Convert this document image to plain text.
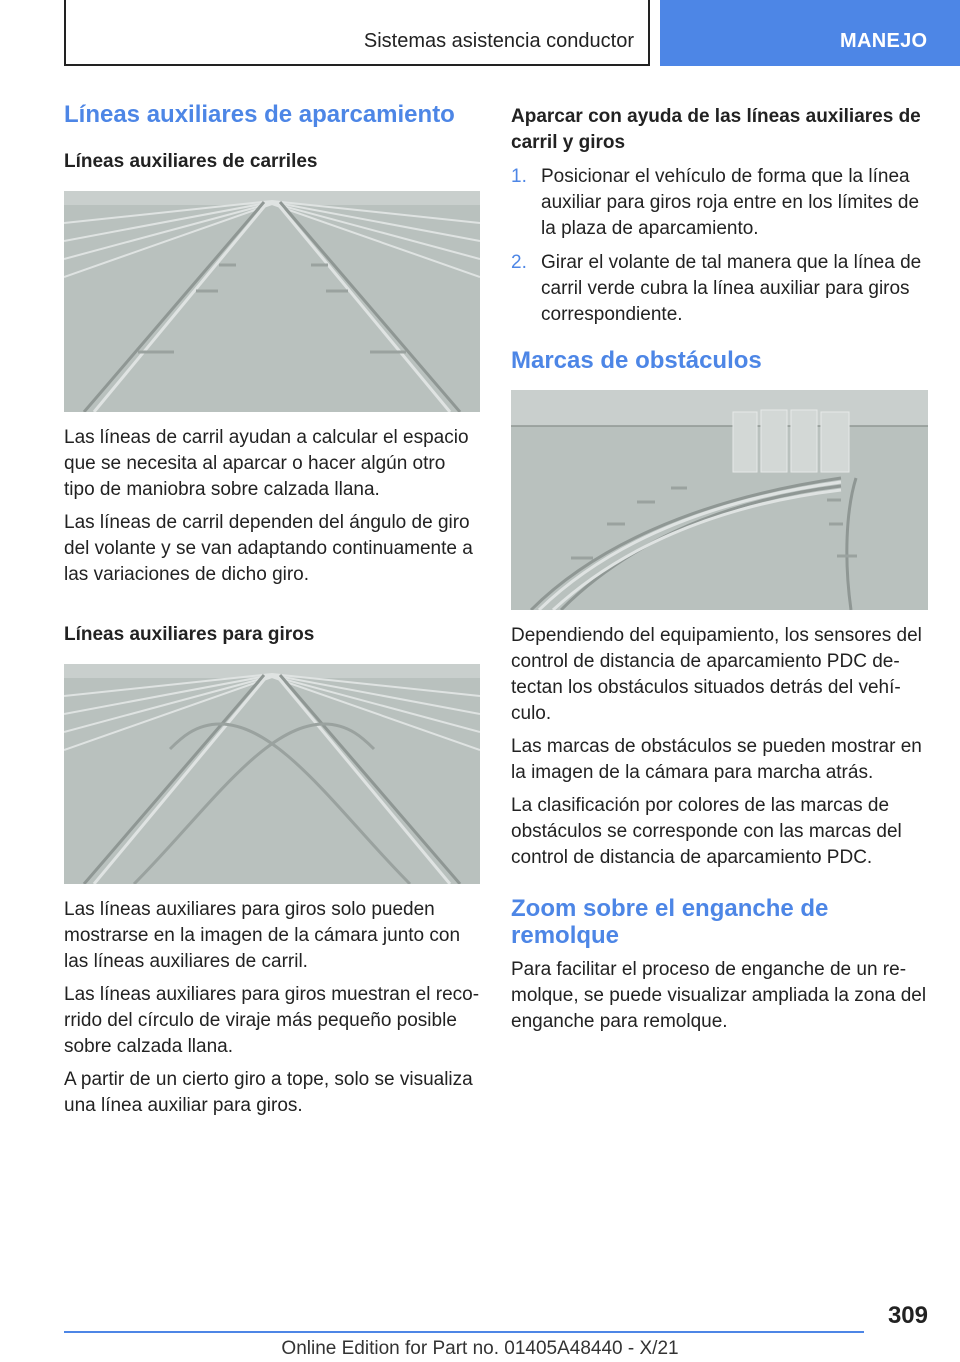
Sistemas asistencia conductor	MANEJO
Líneas auxiliares de aparcamiento
Líneas auxiliares de carriles

Las líneas de carril ayudan a calcular el espacio que se necesita al aparcar o hacer algún otro tipo de maniobra sobre calzada llana.

Las líneas de carril dependen del ángulo de giro del volante y se van adaptando continuamente a las variaciones de dicho giro.

Líneas auxiliares para giros

Las líneas auxiliares para giros solo pueden mostrarse en la imagen de la cámara junto con las líneas auxiliares de carril.

Las líneas auxiliares para giros muestran el recorrido del círculo de viraje más pequeño posible sobre calzada llana.

A partir de un cierto giro a tope, solo se visualiza una línea auxiliar para giros.

Aparcar con ayuda de las líneas auxiliares de carril y giros
1. Posicionar el vehículo de forma que la línea auxiliar para giros roja entre en los límites de la plaza de aparcamiento.
2. Girar el volante de tal manera que la línea de carril verde cubra la línea auxiliar para giros correspondiente.
Marcas de obstáculos

Dependiendo del equipamiento, los sensores del control de distancia de aparcamiento PDC detectan los obstáculos situados detrás del vehículo.

Las marcas de obstáculos se pueden mostrar en la imagen de la cámara para marcha atrás.

La clasificación por colores de las marcas de obstáculos se corresponde con las marcas del control de distancia de aparcamiento PDC.

Zoom sobre el enganche de remolque

Para facilitar el proceso de enganche de un remolque, se puede visualizar ampliada la zona del enganche para remolque.

309
Online Edition for Part no. 01405A48440 - X/21
